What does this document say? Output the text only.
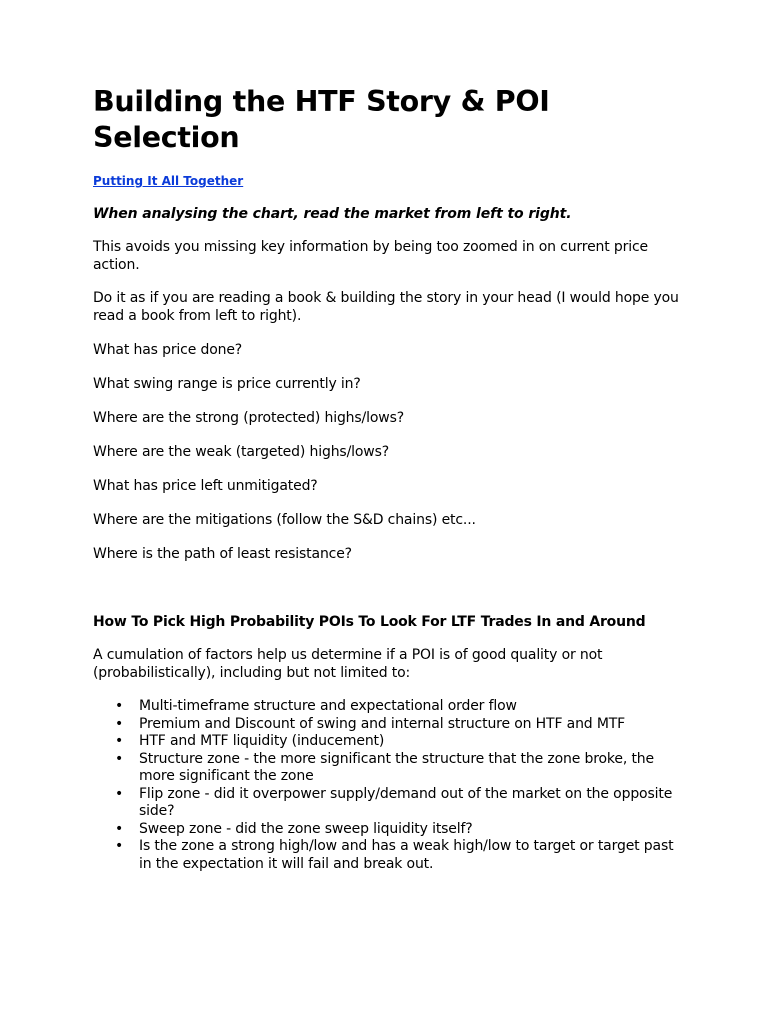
Building the HTF Story & POI Selection
Putting It All Together

When analysing the chart, read the market from left to right.

This avoids you missing key information by being too zoomed in on current price action.

Do it as if you are reading a book & building the story in your head (I would hope you read a book from left to right).

What has price done?

What swing range is price currently in?

Where are the strong (protected) highs/lows?

Where are the weak (targeted) highs/lows?

What has price left unmitigated?

Where are the mitigations (follow the S&D chains) etc...

Where is the path of least resistance?

How To Pick High Probability POIs To Look For LTF Trades In and Around

A cumulation of factors help us determine if a POI is of good quality or not (probabilistically), including but not limited to:

• Multi-timeframe structure and expectational order flow
• Premium and Discount of swing and internal structure on HTF and MTF
• HTF and MTF liquidity (inducement)
• Structure zone - the more significant the structure that the zone broke, the more significant the zone
• Flip zone - did it overpower supply/demand out of the market on the opposite side?
• Sweep zone - did the zone sweep liquidity itself?
• Is the zone a strong high/low and has a weak high/low to target or target past in the expectation it will fail and break out.
